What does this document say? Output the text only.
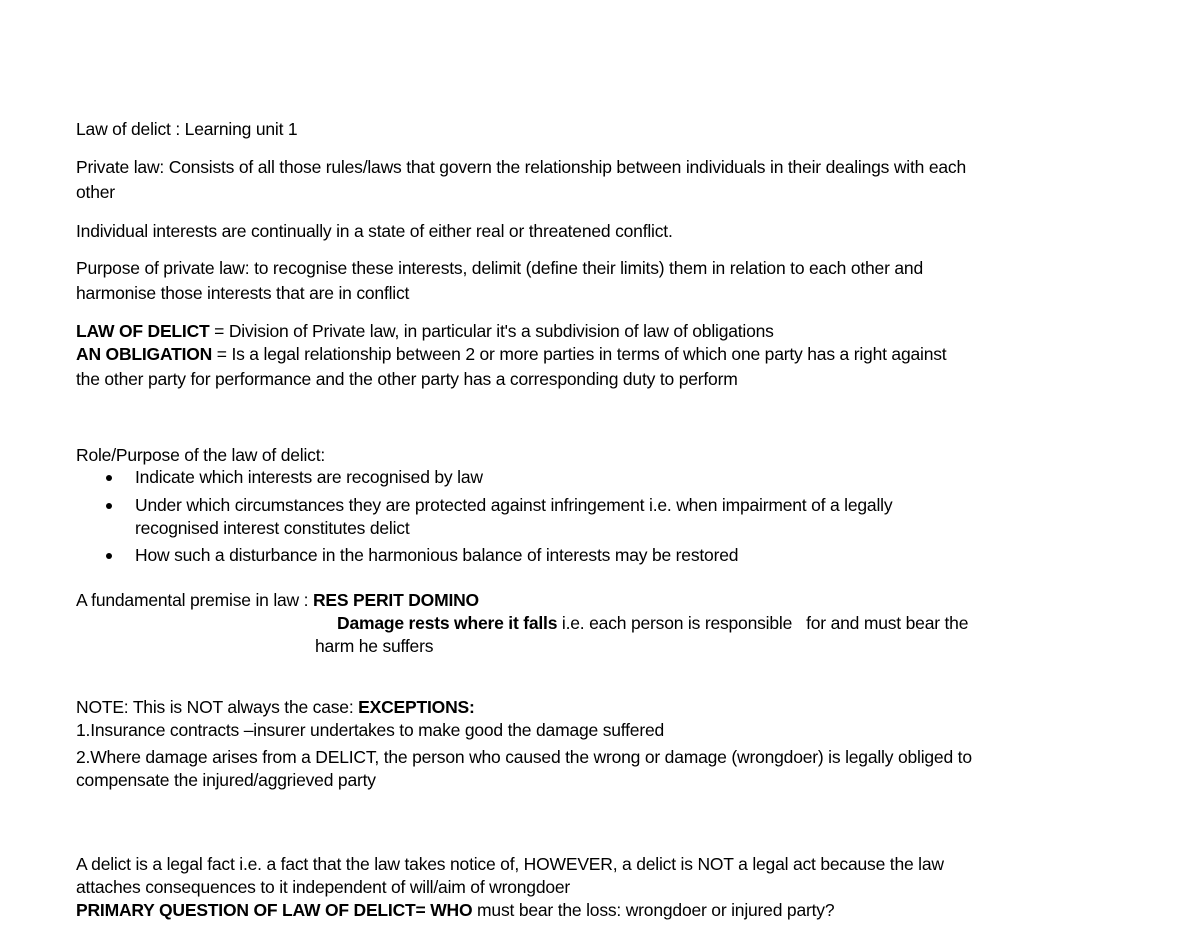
Law of delict : Learning unit 1
Private law: Consists of all those rules/laws that govern the relationship between individuals in their dealings with each
other
Individual interests are continually in a state of either real or threatened conflict.
Purpose of private law: to recognise these interests, delimit (define their limits) them in relation to each other and
harmonise those interests that are in conflict
LAW OF DELICT = Division of Private law, in particular it's a subdivision of law of obligations
AN OBLIGATION = Is a legal relationship between 2 or more parties in terms of which one party has a right against
the other party for performance and the other party has a corresponding duty to perform
Role/Purpose of the law of delict:
Indicate which interests are recognised by law
Under which circumstances they are protected against infringement i.e. when impairment of a legally
recognised interest constitutes delict
How such a disturbance in the harmonious balance of interests may be restored
A fundamental premise in law : RES PERIT DOMINO
Damage rests where it falls i.e. each person is responsible   for and must bear the
harm he suffers
NOTE: This is NOT always the case: EXCEPTIONS:
1.Insurance contracts –insurer undertakes to make good the damage suffered
2.Where damage arises from a DELICT, the person who caused the wrong or damage (wrongdoer) is legally obliged to
compensate the injured/aggrieved party
A delict is a legal fact i.e. a fact that the law takes notice of, HOWEVER, a delict is NOT a legal act because the law
attaches consequences to it independent of will/aim of wrongdoer
PRIMARY QUESTION OF LAW OF DELICT= WHO must bear the loss: wrongdoer or injured party?
